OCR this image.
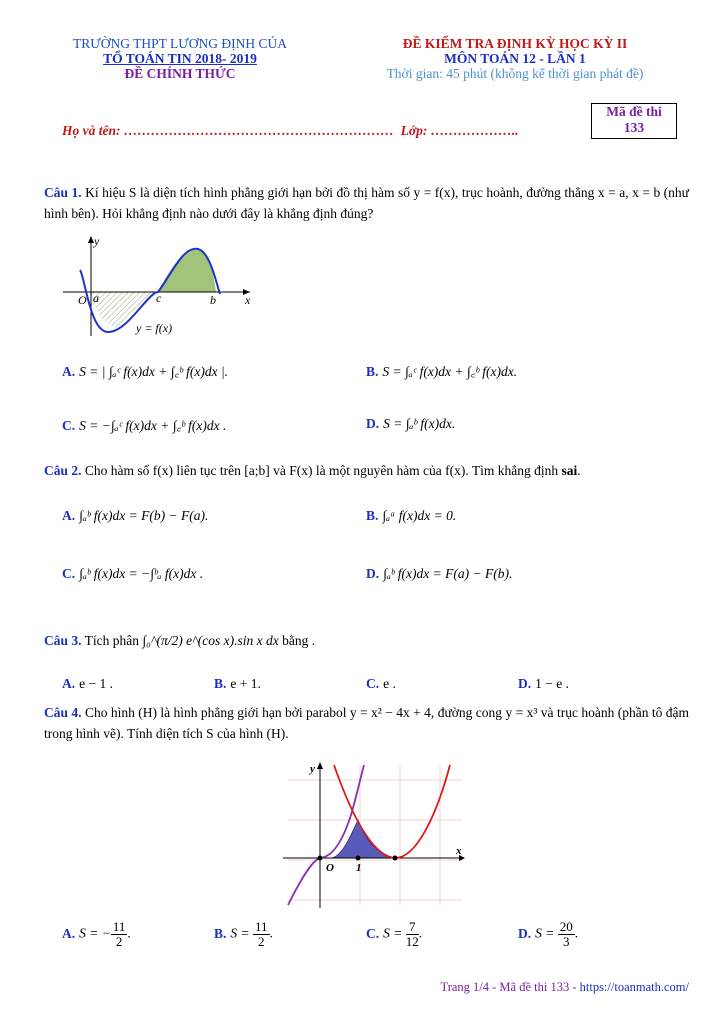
TRƯỜNG THPT LƯƠNG ĐỊNH CỦA
TỔ TOÁN TIN 2018- 2019
ĐỀ CHÍNH THỨC
ĐỀ KIỂM TRA ĐỊNH KỲ HỌC KỲ II
MÔN TOÁN 12 - LẦN 1
Thời gian: 45 phút (không kể thời gian phát đề)
Mã đề thi
133
Họ và tên: …………………………………………………… Lớp: ………………..
Câu 1. Kí hiệu S là diện tích hình phẳng giới hạn bởi đồ thị hàm số y = f(x), trục hoành, đường thẳng x = a, x = b (như hình bên). Hỏi khẳng định nào dưới đây là khẳng định đúng?
y
x
O a	c	b
y = f(x)
A. S = | ∫ₐᶜ f(x)dx + ∫꜀ᵇ f(x)dx |.	B. S = ∫ₐᶜ f(x)dx + ∫꜀ᵇ f(x)dx.
C. S = −∫ₐᶜ f(x)dx + ∫꜀ᵇ f(x)dx .	D. S = ∫ₐᵇ f(x)dx.
Câu 2. Cho hàm số f(x) liên tục trên [a;b] và F(x) là một nguyên hàm của f(x). Tìm khẳng định sai.
A. ∫ₐᵇ f(x)dx = F(b) − F(a).	B. ∫ₐᵃ f(x)dx = 0.
C. ∫ₐᵇ f(x)dx = −∫ᵇₐ f(x)dx .	D. ∫ₐᵇ f(x)dx = F(a) − F(b).
Câu 3. Tích phân ∫₀^(π/2) e^(cos x).sin x dx bằng .
A. e − 1 .	B. e + 1.	C. e .	D. 1 − e .
Câu 4. Cho hình (H) là hình phẳng giới hạn bởi parabol y = x² − 4x + 4, đường cong y = x³ và trục hoành (phần tô đậm trong hình vẽ). Tính diện tích S của hình (H).
y
x
O 1
A. S = − $\frac{11}{2}$ .	B. $S = \frac{11}{2}$ .	C. $S = \frac{7}{12}$ .	D. $S = \frac{20}{3}$ .
Trang 1/4 - Mã đề thi 133 - https://toanmath.com/
